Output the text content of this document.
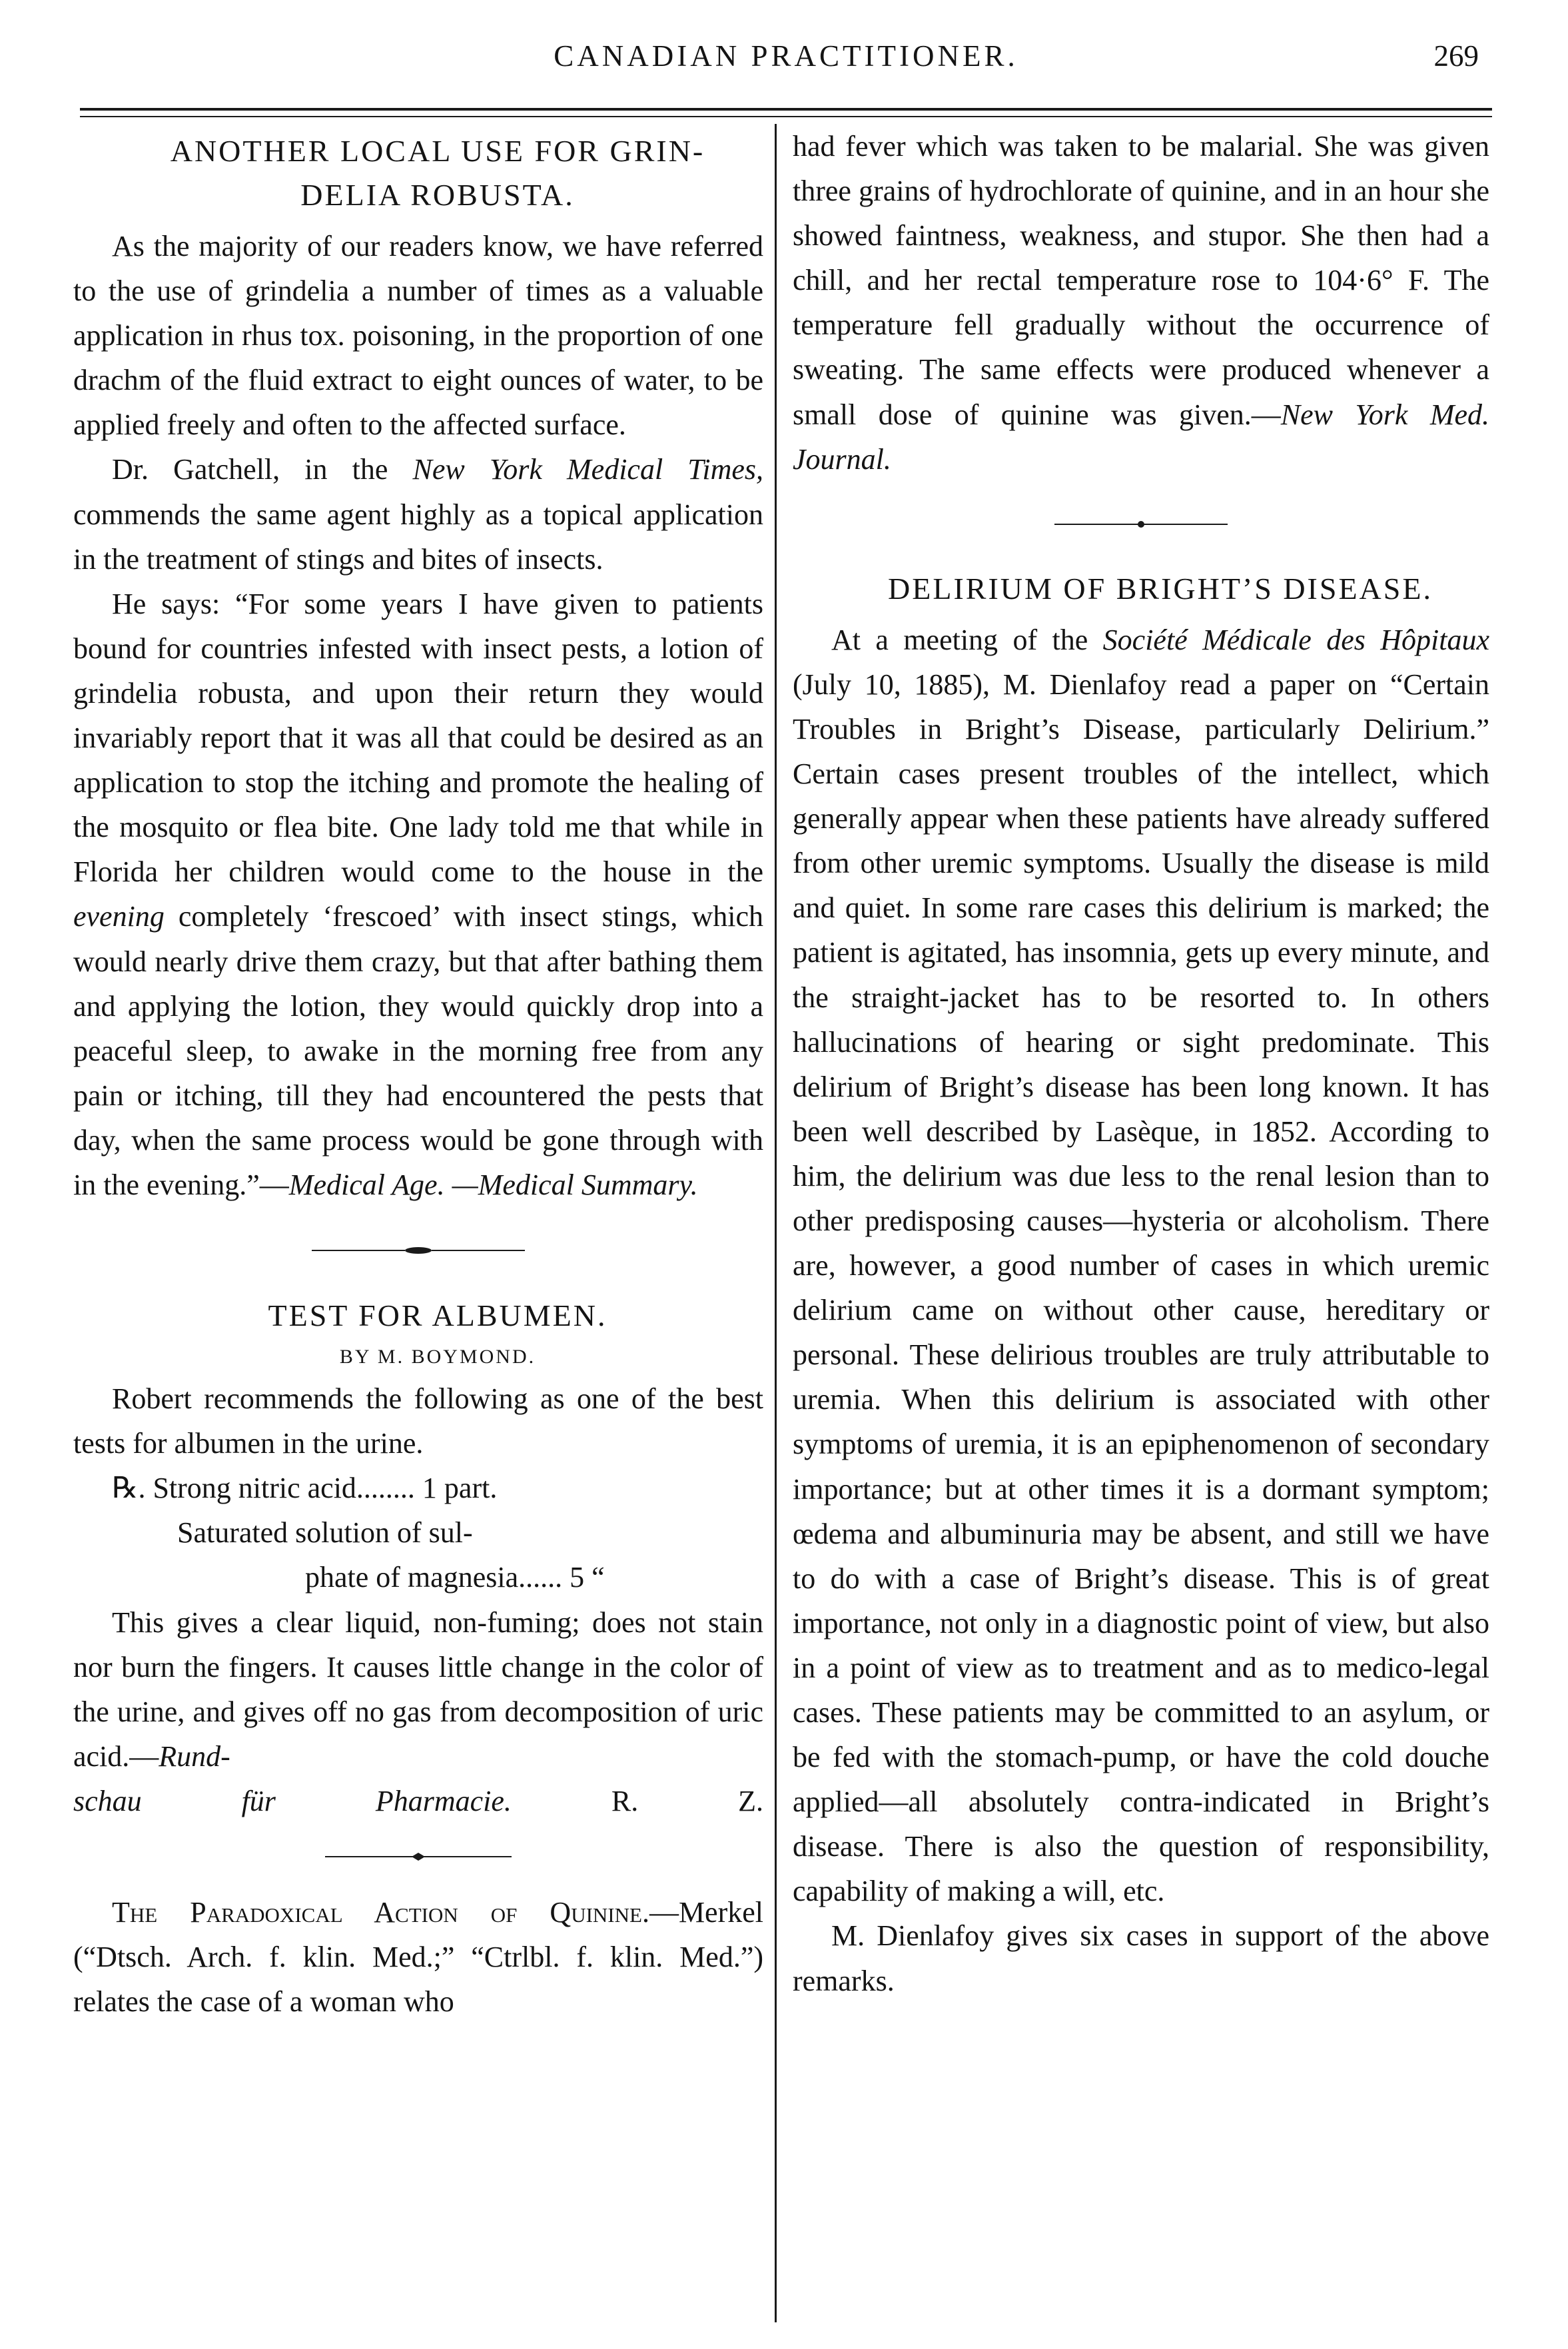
CANADIAN PRACTITIONER.	269

ANOTHER LOCAL USE FOR GRIN-

DELIA ROBUSTA.

As the majority of our readers know, we have referred to the use of grindelia a number of times as a valuable application in rhus tox. poisoning, in the proportion of one drachm of the fluid extract to eight ounces of water, to be applied freely and often to the affected surface.

Dr. Gatchell, in the New York Medical Times, commends the same agent highly as a topical application in the treatment of stings and bites of insects.

He says: “For some years I have given to patients bound for countries infested with insect pests, a lotion of grindelia robusta, and upon their return they would invariably report that it was all that could be desired as an application to stop the itching and promote the healing of the mosquito or flea bite. One lady told me that while in Florida her children would come to the house in the evening completely ‘frescoed’ with insect stings, which would nearly drive them crazy, but that after bathing them and applying the lotion, they would quickly drop into a peaceful sleep, to awake in the morning free from any pain or itching, till they had encountered the pests that day, when the same process would be gone through with in the evening.”—Medical Age. —Medical Summary.

TEST FOR ALBUMEN.

BY M. BOYMOND.

Robert recommends the following as one of the best tests for albumen in the urine.

℞. Strong nitric acid........ 1 part.
Saturated solution of sul-
phate of magnesia...... 5 “

This gives a clear liquid, non-fuming; does not stain nor burn the fingers. It causes little change in the color of the urine, and gives off no gas from decomposition of uric acid.—Rund-

schau für Pharmacie.	R. Z.

The Paradoxical Action of Quinine.—Merkel (“Dtsch. Arch. f. klin. Med.;” “Ctrlbl. f. klin. Med.”) relates the case of a woman who

had fever which was taken to be malarial. She was given three grains of hydrochlorate of quinine, and in an hour she showed faintness, weakness, and stupor. She then had a chill, and her rectal temperature rose to 104·6° F. The temperature fell gradually without the occurrence of sweating. The same effects were produced whenever a small dose of quinine was given.—New York Med. Journal.

DELIRIUM OF BRIGHT’S DISEASE.

At a meeting of the Société Médicale des Hôpitaux (July 10, 1885), M. Dienlafoy read a paper on “Certain Troubles in Bright’s Disease, particularly Delirium.” Certain cases present troubles of the intellect, which generally appear when these patients have already suffered from other uremic symptoms. Usually the disease is mild and quiet. In some rare cases this delirium is marked; the patient is agitated, has insomnia, gets up every minute, and the straight-jacket has to be resorted to. In others hallucinations of hearing or sight predominate. This delirium of Bright’s disease has been long known. It has been well described by Lasèque, in 1852. According to him, the delirium was due less to the renal lesion than to other predisposing causes—hysteria or alcoholism. There are, however, a good number of cases in which uremic delirium came on without other cause, hereditary or personal. These delirious troubles are truly attributable to uremia. When this delirium is associated with other symptoms of uremia, it is an epiphenomenon of secondary importance; but at other times it is a dormant symptom; œdema and albuminuria may be absent, and still we have to do with a case of Bright’s disease. This is of great importance, not only in a diagnostic point of view, but also in a point of view as to treatment and as to medico-legal cases. These patients may be committed to an asylum, or be fed with the stomach-pump, or have the cold douche applied—all absolutely contra-indicated in Bright’s disease. There is also the question of responsibility, capability of making a will, etc.

M. Dienlafoy gives six cases in support of the above remarks.
